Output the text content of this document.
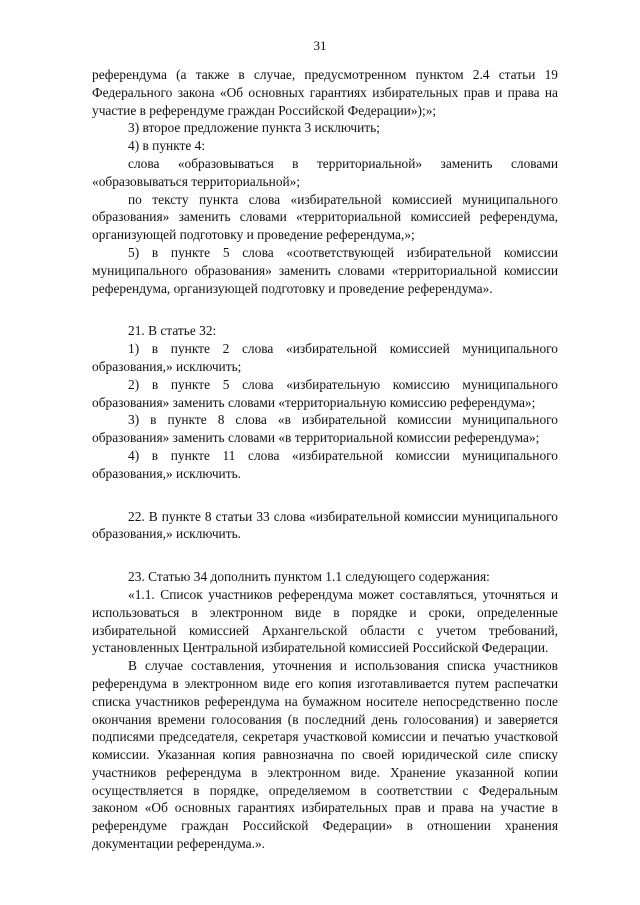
31

референдума (а также в случае, предусмотренном пунктом 2.4 статьи 19 Федерального закона «Об основных гарантиях избирательных прав и права на участие в референдуме граждан Российской Федерации»);»;

3) второе предложение пункта 3 исключить;

4) в пункте 4:

слова «образовываться в территориальной» заменить словами «образовываться территориальной»;

по тексту пункта слова «избирательной комиссией муниципального образования» заменить словами «территориальной комиссией референдума, организующей подготовку и проведение референдума,»;

5) в пункте 5 слова «соответствующей избирательной комиссии муниципального образования» заменить словами «территориальной комиссии референдума, организующей подготовку и проведение референдума».

21. В статье 32:

1) в пункте 2 слова «избирательной комиссией муниципального образования,» исключить;

2) в пункте 5 слова «избирательную комиссию муниципального образования» заменить словами «территориальную комиссию референдума»;

3) в пункте 8 слова «в избирательной комиссии муниципального образования» заменить словами «в территориальной комиссии референдума»;

4) в пункте 11 слова «избирательной комиссии муниципального образования,» исключить.

22. В пункте 8 статьи 33 слова «избирательной комиссии муниципального образования,» исключить.

23. Статью 34 дополнить пунктом 1.1 следующего содержания:

«1.1. Список участников референдума может составляться, уточняться и использоваться в электронном виде в порядке и сроки, определенные избирательной комиссией Архангельской области с учетом требований, установленных Центральной избирательной комиссией Российской Федерации.

В случае составления, уточнения и использования списка участников референдума в электронном виде его копия изготавливается путем распечатки списка участников референдума на бумажном носителе непосредственно после окончания времени голосования (в последний день голосования) и заверяется подписями председателя, секретаря участковой комиссии и печатью участковой комиссии. Указанная копия равнозначна по своей юридической силе списку участников референдума в электронном виде. Хранение указанной копии осуществляется в порядке, определяемом в соответствии с Федеральным законом «Об основных гарантиях избирательных прав и права на участие в референдуме граждан Российской Федерации» в отношении хранения документации референдума.».
